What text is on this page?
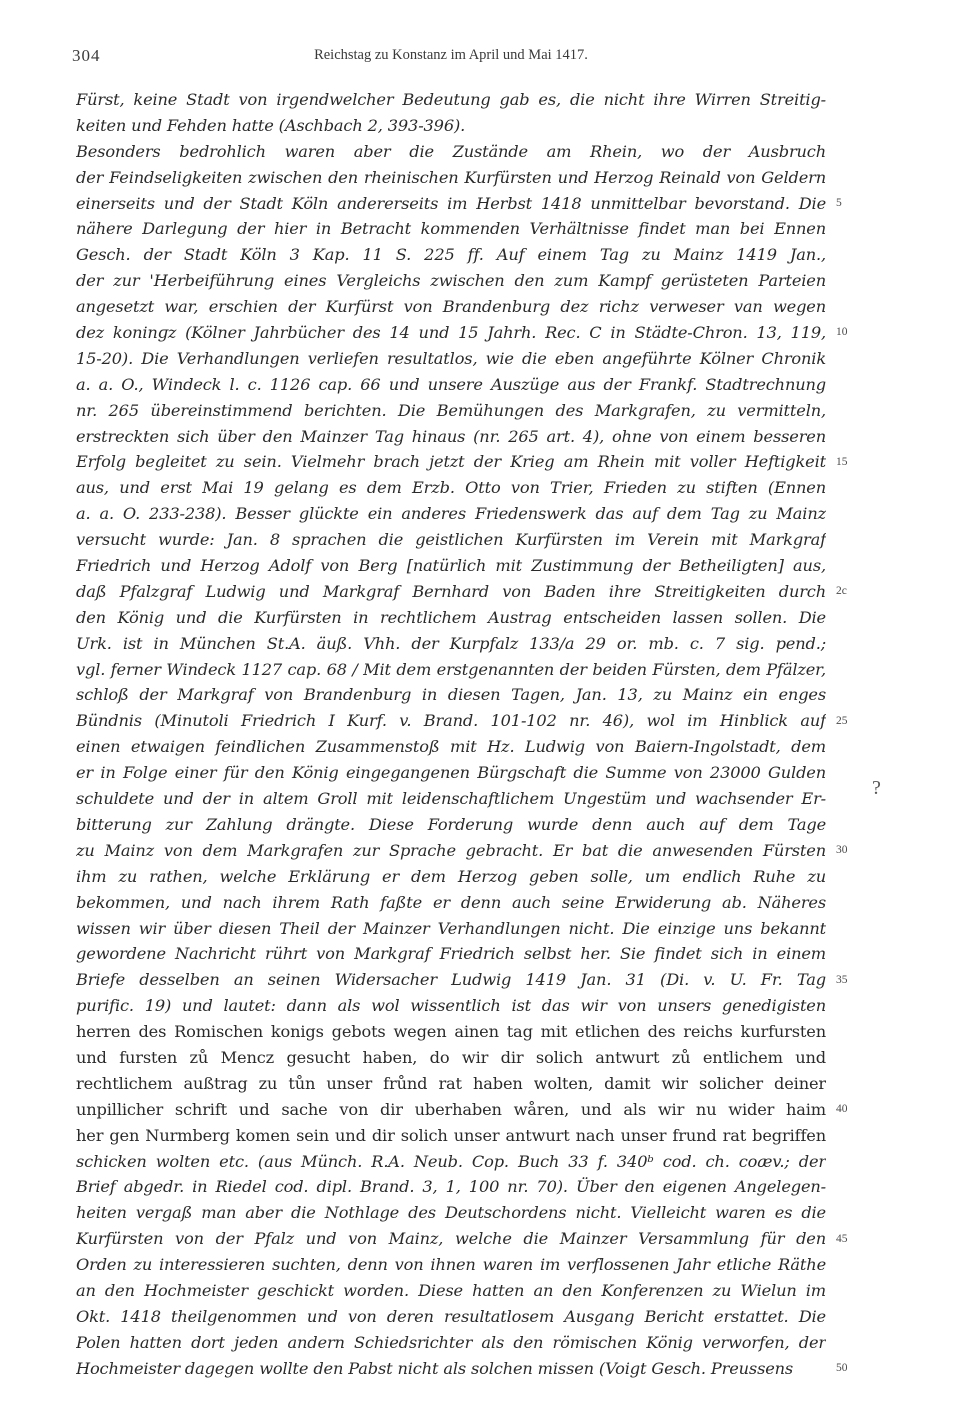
304	Reichstag zu Konstanz im April und Mai 1417.
Fürst, keine Stadt von irgendwelcher Bedeutung gab es, die nicht ihre Wirren Streitig-
keiten und Fehden hatte (Aschbach 2, 393-396).
Besonders bedrohlich waren aber die Zustände am Rhein, wo der Ausbruch
der Feindseligkeiten zwischen den rheinischen Kurfürsten und Herzog Reinald von Geldern
einerseits und der Stadt Köln andererseits im Herbst 1418 unmittelbar bevorstand. Die
nähere Darlegung der hier in Betracht kommenden Verhältnisse findet man bei Ennen
Gesch. der Stadt Köln 3 Kap. 11 S. 225 ff. Auf einem Tag zu Mainz 1419 Jan.,
der zur 'Herbeiführung eines Vergleichs zwischen den zum Kampf gerüsteten Parteien
angesetzt war, erschien der Kurfürst von Brandenburg dez richz verweser van wegen
dez koninɡz (Kölner Jahrbücher des 14 und 15 Jahrh. Rec. C in Städte-Chron. 13, 119,
15-20). Die Verhandlungen verliefen resultatlos, wie die eben angeführte Kölner Chronik
a. a. O., Windeck l. c. 1126 cap. 66 und unsere Auszüge aus der Frankf. Stadtrechnung
nr. 265 übereinstimmend berichten. Die Bemühungen des Markgrafen, zu vermitteln,
erstreckten sich über den Mainzer Tag hinaus (nr. 265 art. 4), ohne von einem besseren
Erfolg begleitet zu sein. Vielmehr brach jetzt der Krieg am Rhein mit voller Heftigkeit
aus, und erst Mai 19 gelang es dem Erzb. Otto von Trier, Frieden zu stiften (Ennen
a. a. O. 233-238). Besser glückte ein anderes Friedenswerk das auf dem Tag zu Mainz
versucht wurde: Jan. 8 sprachen die geistlichen Kurfürsten im Verein mit Markgraf
Friedrich und Herzog Adolf von Berg [natürlich mit Zustimmung der Betheiligten] aus,
daß Pfalzgraf Ludwig und Markgraf Bernhard von Baden ihre Streitigkeiten durch
den König und die Kurfürsten in rechtlichem Austrag entscheiden lassen sollen. Die
Urk. ist in München St.A. äuß. Vhh. der Kurpfalz 133/a 29 or. mb. c. 7 sig. pend.;
vgl. ferner Windeck 1127 cap. 68 / Mit dem erstgenannten der beiden Fürsten, dem Pfälzer,
schloß der Markgraf von Brandenburg in diesen Tagen, Jan. 13, zu Mainz ein enges
Bündnis (Minutoli Friedrich I Kurf. v. Brand. 101-102 nr. 46), wol im Hinblick auf
einen etwaigen feindlichen Zusammenstoß mit Hz. Ludwig von Baiern-Ingolstadt, dem
er in Folge einer für den König eingegangenen Bürgschaft die Summe von 23000 Gulden
schuldete und der in altem Groll mit leidenschaftlichem Ungestüm und wachsender Er-
bitterung zur Zahlung drängte. Diese Forderung wurde denn auch auf dem Tage
zu Mainz von dem Markgrafen zur Sprache gebracht. Er bat die anwesenden Fürsten
ihm zu rathen, welche Erklärung er dem Herzog geben solle, um endlich Ruhe zu
bekommen, und nach ihrem Rath faßte er denn auch seine Erwiderung ab. Näheres
wissen wir über diesen Theil der Mainzer Verhandlungen nicht. Die einzige uns bekannt
gewordene Nachricht rührt von Markgraf Friedrich selbst her. Sie findet sich in einem
Briefe desselben an seinen Widersacher Ludwig 1419 Jan. 31 (Di. v. U. Fr. Tag
purific. 19) und lautet: dann als wol wissentlich ist das wir von unsers genedigisten
herren des Romischen konigs gebots wegen ainen tag mit etlichen des reichs kurfursten
und fursten zů Mencz gesucht haben, do wir dir solich antwurt zů entlichem und
rechtlichem außtrag zu tůn unser frůnd rat haben wolten, damit wir solicher deiner
unpillicher schrift und sache von dir uberhaben wåren, und als wir nu wider haim
her gen Nurmberg komen sein und dir solich unser antwurt nach unser frund rat begriffen
schicken wolten etc. (aus Münch. R.A. Neub. Cop. Buch 33 f. 340ᵇ cod. ch. coæv.; der
Brief abgedr. in Riedel cod. dipl. Brand. 3, 1, 100 nr. 70). Über den eigenen Angelegen-
heiten vergaß man aber die Nothlage des Deutschordens nicht. Vielleicht waren es die
Kurfürsten von der Pfalz und von Mainz, welche die Mainzer Versammlung für den
Orden zu interessieren suchten, denn von ihnen waren im verflossenen Jahr etliche Räthe
an den Hochmeister geschickt worden. Diese hatten an den Konferenzen zu Wielun im
Okt. 1418 theilgenommen und von deren resultatlosem Ausgang Bericht erstattet. Die
Polen hatten dort jeden andern Schiedsrichter als den römischen König verworfen, der
Hochmeister dagegen wollte den Pabst nicht als solchen missen (Voigt Gesch. Preussens
5
10
15
2c
25
30
35
40
45
50
?
